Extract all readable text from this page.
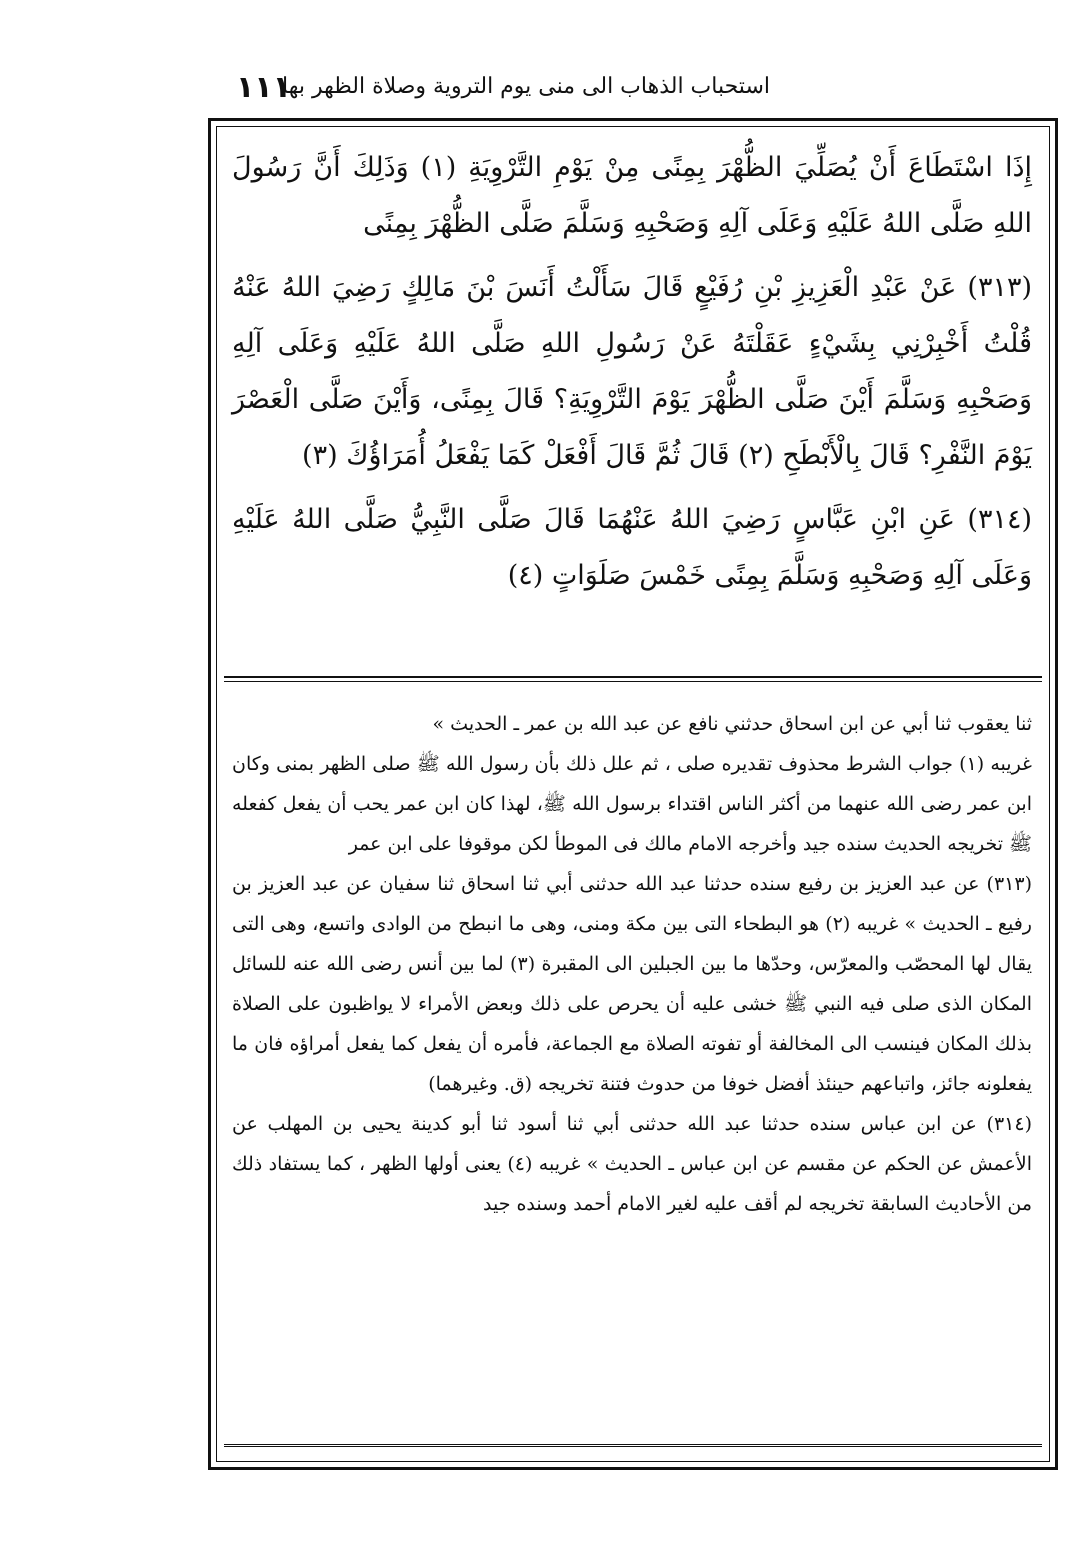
استحباب الذهاب الى منى يوم التروية وصلاة الظهر بها
١١١

إِذَا اسْتَطَاعَ أَنْ يُصَلِّيَ الظُّهْرَ بِمِنًى مِنْ يَوْمِ التَّرْوِيَةِ (١) وَذَلِكَ أَنَّ رَسُولَ اللهِ صَلَّى اللهُ عَلَيْهِ وَعَلَى آلِهِ وَصَحْبِهِ وَسَلَّمَ صَلَّى الظُّهْرَ بِمِنًى

(٣١٣) عَنْ عَبْدِ الْعَزِيزِ بْنِ رُفَيْعٍ قَالَ سَأَلْتُ أَنَسَ بْنَ مَالِكٍ رَضِيَ اللهُ عَنْهُ قُلْتُ أَخْبِرْنِي بِشَيْءٍ عَقَلْتَهُ عَنْ رَسُولِ اللهِ صَلَّى اللهُ عَلَيْهِ وَعَلَى آلِهِ وَصَحْبِهِ وَسَلَّمَ أَيْنَ صَلَّى الظُّهْرَ يَوْمَ التَّرْوِيَةِ؟ قَالَ بِمِنًى، وَأَيْنَ صَلَّى الْعَصْرَ يَوْمَ النَّفْرِ؟ قَالَ بِالْأَبْطَحِ (٢) قَالَ ثُمَّ قَالَ أَفْعَلْ كَمَا يَفْعَلُ أُمَرَاؤُكَ (٣)

(٣١٤) عَنِ ابْنِ عَبَّاسٍ رَضِيَ اللهُ عَنْهُمَا قَالَ صَلَّى النَّبِيُّ صَلَّى اللهُ عَلَيْهِ وَعَلَى آلِهِ وَصَحْبِهِ وَسَلَّمَ بِمِنًى خَمْسَ صَلَوَاتٍ (٤)

ثنا يعقوب ثنا أبي عن ابن اسحاق حدثني نافع عن عبد الله بن عمر ـ الحديث »

غريبه (١) جواب الشرط محذوف تقديره صلى ، ثم علل ذلك بأن رسول الله ﷺ صلى الظهر بمنى وكان ابن عمر رضى الله عنهما من أكثر الناس اقتداء برسول الله ﷺ، لهذا كان ابن عمر يحب أن يفعل كفعله ﷺ تخريجه الحديث سنده جيد وأخرجه الامام مالك فى الموطأ لكن موقوفا على ابن عمر

(٣١٣) عن عبد العزيز بن رفيع سنده حدثنا عبد الله حدثنى أبي ثنا اسحاق ثنا سفيان عن عبد العزيز بن رفيع ـ الحديث » غريبه (٢) هو البطحاء التى بين مكة ومنى، وهى ما انبطح من الوادى واتسع، وهى التى يقال لها المحصّب والمعرّس، وحدّها ما بين الجبلين الى المقبرة (٣) لما بين أنس رضى الله عنه للسائل المكان الذى صلى فيه النبي ﷺ خشى عليه أن يحرص على ذلك وبعض الأمراء لا يواظبون على الصلاة بذلك المكان فينسب الى المخالفة أو تفوته الصلاة مع الجماعة، فأمره أن يفعل كما يفعل أمراؤه فان ما يفعلونه جائز، واتباعهم حينئذ أفضل خوفا من حدوث فتنة تخريجه (ق. وغيرهما)

(٣١٤) عن ابن عباس سنده حدثنا عبد الله حدثنى أبي ثنا أسود ثنا أبو كدينة يحيى بن المهلب عن الأعمش عن الحكم عن مقسم عن ابن عباس ـ الحديث » غريبه (٤) يعنى أولها الظهر ، كما يستفاد ذلك من الأحاديث السابقة تخريجه لم أقف عليه لغير الامام أحمد وسنده جيد
